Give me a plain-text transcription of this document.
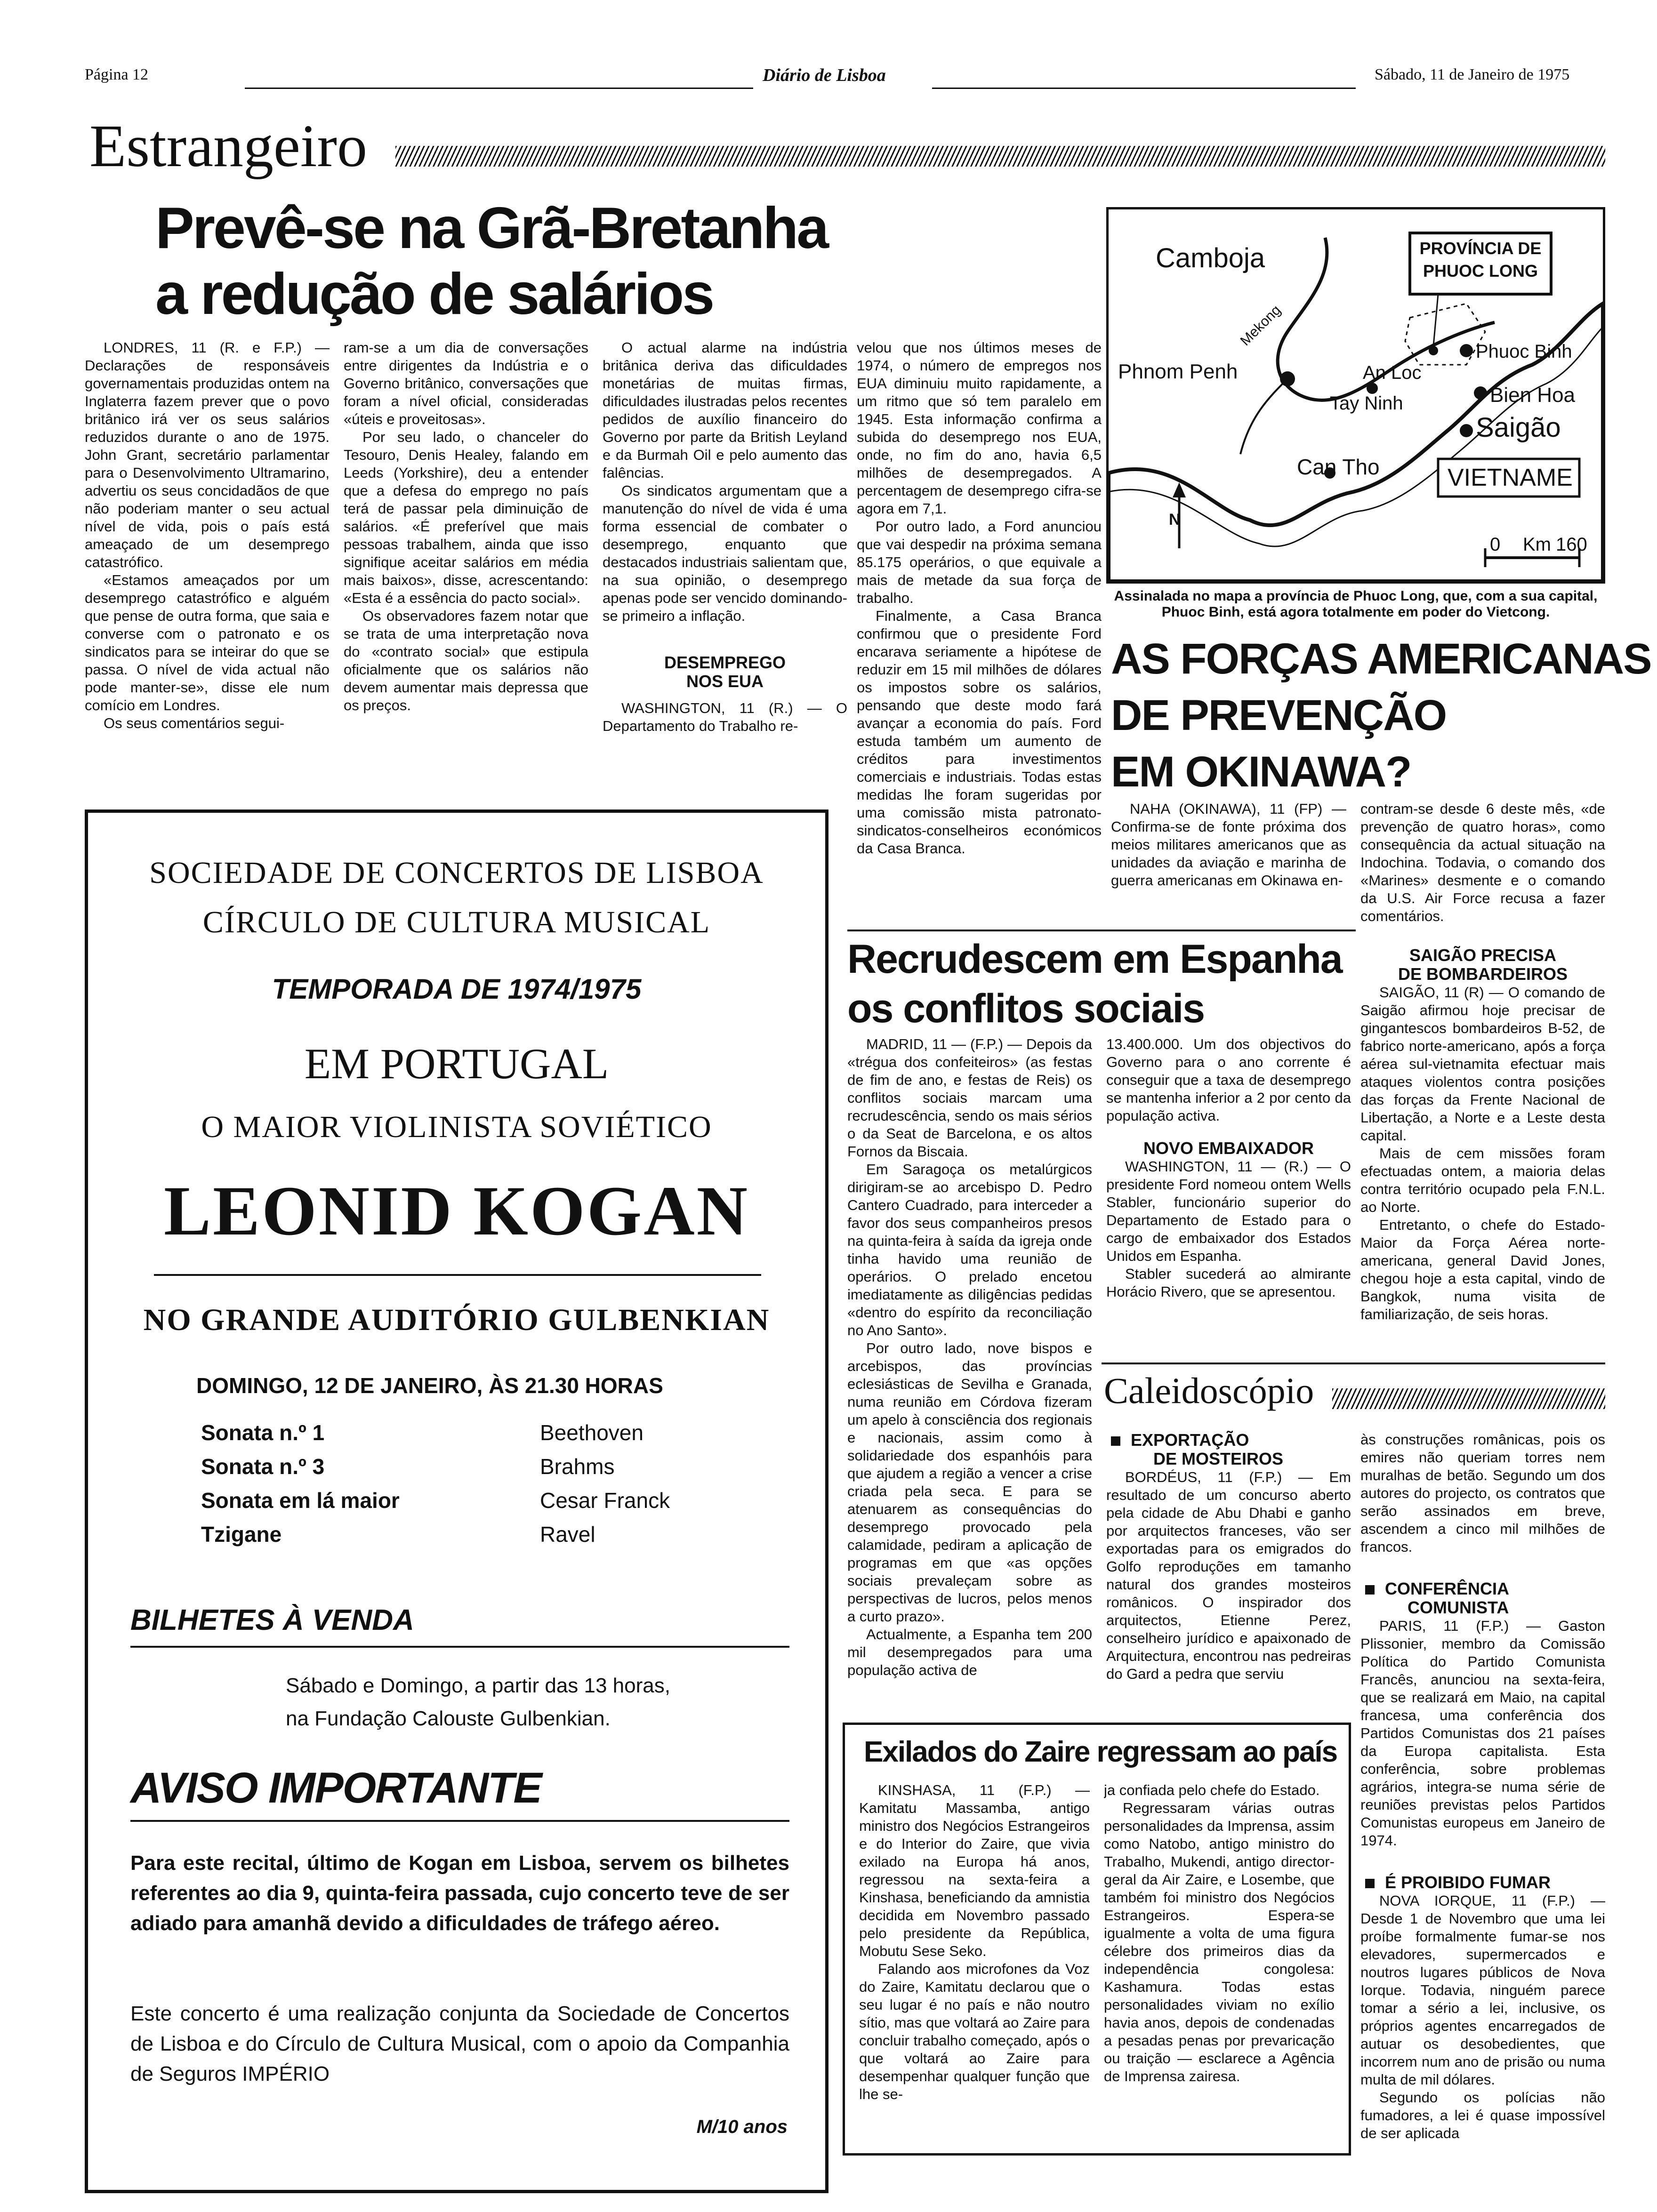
Página 12	Diário de Lisboa	Sábado, 11 de Janeiro de 1975
Estrangeiro
Prevê-se na Grã-Bretanha
a redução de salários

LONDRES, 11 (R. e F.P.) — Declarações de responsáveis governamentais produzidas ontem na Inglaterra fazem prever que o povo britânico irá ver os seus salários reduzidos durante o ano de 1975. John Grant, secretário parlamentar para o Desenvolvimento Ultramarino, advertiu os seus concidadãos de que não poderiam manter o seu actual nível de vida, pois o país está ameaçado de um desemprego catastrófico.

«Estamos ameaçados por um desemprego catastrófico e alguém que pense de outra forma, que saia e converse com o patronato e os sindicatos para se inteirar do que se passa. O nível de vida actual não pode manter-se», disse ele num comício em Londres.

Os seus comentários segui-

ram-se a um dia de conversações entre dirigentes da Indústria e o Governo britânico, conversações que foram a nível oficial, consideradas «úteis e proveitosas».

Por seu lado, o chanceler do Tesouro, Denis Healey, falando em Leeds (Yorkshire), deu a entender que a defesa do emprego no país terá de passar pela diminuição de salários. «É preferível que mais pessoas trabalhem, ainda que isso signifique aceitar salários em média mais baixos», disse, acrescentando: «Esta é a essência do pacto social».

Os observadores fazem notar que se trata de uma interpretação nova do «contrato social» que estipula oficialmente que os salários não devem aumentar mais depressa que os preços.

O actual alarme na indústria britânica deriva das dificuldades monetárias de muitas firmas, dificuldades ilustradas pelos recentes pedidos de auxílio financeiro do Governo por parte da British Leyland e da Burmah Oil e pelo aumento das falências.

Os sindicatos argumentam que a manutenção do nível de vida é uma forma essencial de combater o desemprego, enquanto que destacados industriais salientam que, na sua opinião, o desemprego apenas pode ser vencido dominando-se primeiro a inflação.

DESEMPREGO
NOS EUA

WASHINGTON, 11 (R.) — O Departamento do Trabalho re-

velou que nos últimos meses de 1974, o número de empregos nos EUA diminuiu muito rapidamente, a um ritmo que só tem paralelo em 1945. Esta informação confirma a subida do desemprego nos EUA, onde, no fim do ano, havia 6,5 milhões de desempregados. A percentagem de desemprego cifra-se agora em 7,1.

Por outro lado, a Ford anunciou que vai despedir na próxima semana 85.175 operários, o que equivale a mais de metade da sua força de trabalho.

Finalmente, a Casa Branca confirmou que o presidente Ford encarava seriamente a hipótese de reduzir em 15 mil milhões de dólares os impostos sobre os salários, pensando que deste modo fará avançar a economia do país. Ford estuda também um aumento de créditos para investimentos comerciais e industriais. Todas estas medidas lhe foram sugeridas por uma comissão mista patronato-sindicatos-conselheiros económicos da Casa Branca.

Camboja
Mekong
Phnom Penh	An Loc
Phuoc Binh
Tay Ninh	Bien Hoa
Saigão
Can Tho	VIETNAME
PROVÍNCIA DE
PHUOC LONG
N
0 Km 160
Assinalada no mapa a província de Phuoc Long, que, com a sua capital, Phuoc Binh, está agora totalmente em poder do Vietcong.
AS FORÇAS AMERICANAS
DE PREVENÇÃO
EM OKINAWA?

NAHA (OKINAWA), 11 (FP) — Confirma-se de fonte próxima dos meios militares americanos que as unidades da aviação e marinha de guerra americanas em Okinawa en-

contram-se desde 6 deste mês, «de prevenção de quatro horas», como consequência da actual situação na Indochina. Todavia, o comando dos «Marines» desmente e o comando da U.S. Air Force recusa a fazer comentários.

SAIGÃO PRECISA
DE BOMBARDEIROS

SAIGÃO, 11 (R) — O comando de Saigão afirmou hoje precisar de gingantescos bombardeiros B-52, de fabrico norte-americano, após a força aérea sul-vietnamita efectuar mais ataques violentos contra posições das forças da Frente Nacional de Libertação, a Norte e a Leste desta capital.

Mais de cem missões foram efectuadas ontem, a maioria delas contra território ocupado pela F.N.L. ao Norte.

Entretanto, o chefe do Estado-Maior da Força Aérea norte-americana, general David Jones, chegou hoje a esta capital, vindo de Bangkok, numa visita de familiarização, de seis horas.

Recrudescem em Espanha
os conflitos sociais

MADRID, 11 — (F.P.) — Depois da «trégua dos confeiteiros» (as festas de fim de ano, e festas de Reis) os conflitos sociais marcam uma recrudescência, sendo os mais sérios o da Seat de Barcelona, e os altos Fornos da Biscaia.

Em Saragoça os metalúrgicos dirigiram-se ao arcebispo D. Pedro Cantero Cuadrado, para interceder a favor dos seus companheiros presos na quinta-feira à saída da igreja onde tinha havido uma reunião de operários. O prelado encetou imediatamente as diligências pedidas «dentro do espírito da reconciliação no Ano Santo».

Por outro lado, nove bispos e arcebispos, das províncias eclesiásticas de Sevilha e Granada, numa reunião em Córdova fizeram um apelo à consciência dos regionais e nacionais, assim como à solidariedade dos espanhóis para que ajudem a região a vencer a crise criada pela seca. E para se atenuarem as consequências do desemprego provocado pela calamidade, pediram a aplicação de programas em que «as opções sociais prevaleçam sobre as perspectivas de lucros, pelos menos a curto prazo».

Actualmente, a Espanha tem 200 mil desempregados para uma população activa de

13.400.000. Um dos objectivos do Governo para o ano corrente é conseguir que a taxa de desemprego se mantenha inferior a 2 por cento da população activa.

NOVO EMBAIXADOR

WASHINGTON, 11 — (R.) — O presidente Ford nomeou ontem Wells Stabler, funcionário superior do Departamento de Estado para o cargo de embaixador dos Estados Unidos em Espanha.

Stabler sucederá ao almirante Horácio Rivero, que se apresentou.

Caleidoscópio
EXPORTAÇÃO
DE MOSTEIROS

BORDÉUS, 11 (F.P.) — Em resultado de um concurso aberto pela cidade de Abu Dhabi e ganho por arquitectos franceses, vão ser exportadas para os emigrados do Golfo reproduções em tamanho natural dos grandes mosteiros românicos. O inspirador dos arquitectos, Etienne Perez, conselheiro jurídico e apaixonado de Arquitectura, encontrou nas pedreiras do Gard a pedra que serviu

às construções românicas, pois os emires não queriam torres nem muralhas de betão. Segundo um dos autores do projecto, os contratos que serão assinados em breve, ascendem a cinco mil milhões de francos.

CONFERÊNCIA
COMUNISTA

PARIS, 11 (F.P.) — Gaston Plissonier, membro da Comissão Política do Partido Comunista Francês, anunciou na sexta-feira, que se realizará em Maio, na capital francesa, uma conferência dos Partidos Comunistas dos 21 países da Europa capitalista. Esta conferência, sobre problemas agrários, integra-se numa série de reuniões previstas pelos Partidos Comunistas europeus em Janeiro de 1974.

É PROIBIDO FUMAR

NOVA IORQUE, 11 (F.P.) — Desde 1 de Novembro que uma lei proíbe formalmente fumar-se nos elevadores, supermercados e noutros lugares públicos de Nova Iorque. Todavia, ninguém parece tomar a sério a lei, inclusive, os próprios agentes encarregados de autuar os desobedientes, que incorrem num ano de prisão ou numa multa de mil dólares.

Segundo os polícias não fumadores, a lei é quase impossível de ser aplicada

Exilados do Zaire regressam ao país

KINSHASA, 11 (F.P.) — Kamitatu Massamba, antigo ministro dos Negócios Estrangeiros e do Interior do Zaire, que vivia exilado na Europa há anos, regressou na sexta-feira a Kinshasa, beneficiando da amnistia decidida em Novembro passado pelo presidente da República, Mobutu Sese Seko.

Falando aos microfones da Voz do Zaire, Kamitatu declarou que o seu lugar é no país e não noutro sítio, mas que voltará ao Zaire para concluir trabalho começado, após o que voltará ao Zaire para desempenhar qualquer função que lhe se-

ja confiada pelo chefe do Estado.

Regressaram várias outras personalidades da Imprensa, assim como Natobo, antigo ministro do Trabalho, Mukendi, antigo director-geral da Air Zaire, e Losembe, que também foi ministro dos Negócios Estrangeiros. Espera-se igualmente a volta de uma figura célebre dos primeiros dias da independência congolesa: Kashamura. Todas estas personalidades viviam no exílio havia anos, depois de condenadas a pesadas penas por prevaricação ou traição — esclarece a Agência de Imprensa zairesa.

SOCIEDADE DE CONCERTOS DE LISBOA
CÍRCULO DE CULTURA MUSICAL
TEMPORADA DE 1974/1975
EM PORTUGAL
O MAIOR VIOLINISTA SOVIÉTICO
LEONID KOGAN
NO GRANDE AUDITÓRIO GULBENKIAN
DOMINGO, 12 DE JANEIRO, ÀS 21.30 HORAS
Sonata n.º 1	Beethoven
Sonata n.º 3	Brahms
Sonata em lá maior	Cesar Franck
Tzigane	Ravel
BILHETES À VENDA
Sábado e Domingo, a partir das 13 horas,
na Fundação Calouste Gulbenkian.
AVISO IMPORTANTE
Para este recital, último de Kogan em Lisboa, servem os bilhetes referentes ao dia 9, quinta-feira passada, cujo concerto teve de ser adiado para amanhã devido a dificuldades de tráfego aéreo.
Este concerto é uma realização conjunta da Sociedade de Concertos de Lisboa e do Círculo de Cultura Musical, com o apoio da Companhia de Seguros IMPÉRIO
M/10 anos
